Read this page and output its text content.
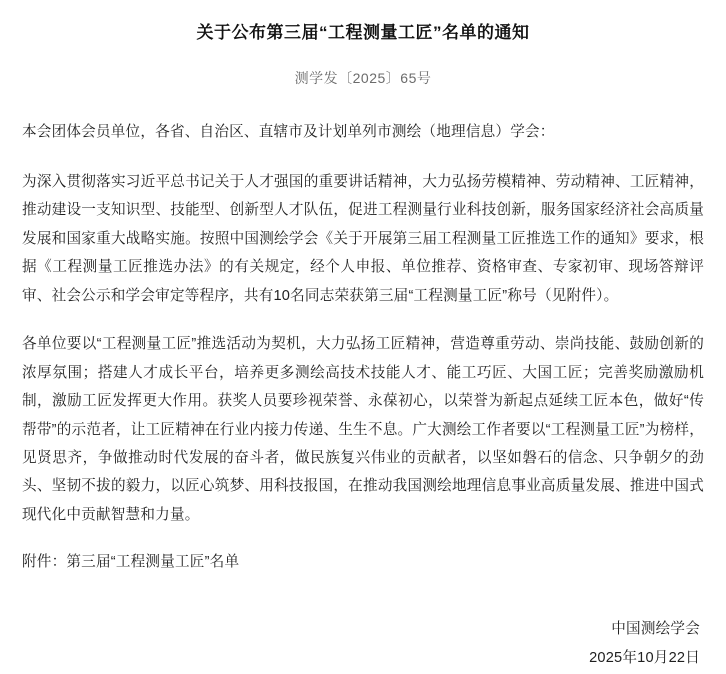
关于公布第三届“工程测量工匠”名单的通知
测学发〔2025〕65号

本会团体会员单位，各省、自治区、直辖市及计划单列市测绘（地理信息）学会：

为深入贯彻落实习近平总书记关于人才强国的重要讲话精神，大力弘扬劳模精神、劳动精神、工匠精神，推动建设一支知识型、技能型、创新型人才队伍，促进工程测量行业科技创新，服务国家经济社会高质量发展和国家重大战略实施。按照中国测绘学会《关于开展第三届工程测量工匠推选工作的通知》要求，根据《工程测量工匠推选办法》的有关规定，经个人申报、单位推荐、资格审查、专家初审、现场答辩评审、社会公示和学会审定等程序，共有10名同志荣获第三届“工程测量工匠”称号（见附件）。

各单位要以“工程测量工匠”推选活动为契机，大力弘扬工匠精神，营造尊重劳动、崇尚技能、鼓励创新的浓厚氛围；搭建人才成长平台，培养更多测绘高技术技能人才、能工巧匠、大国工匠；完善奖励激励机制，激励工匠发挥更大作用。获奖人员要珍视荣誉、永葆初心，以荣誉为新起点延续工匠本色，做好“传帮带”的示范者，让工匠精神在行业内接力传递、生生不息。广大测绘工作者要以“工程测量工匠”为榜样，见贤思齐，争做推动时代发展的奋斗者，做民族复兴伟业的贡献者，以坚如磐石的信念、只争朝夕的劲头、坚韧不拔的毅力，以匠心筑梦、用科技报国，在推动我国测绘地理信息事业高质量发展、推进中国式现代化中贡献智慧和力量。

附件：第三届“工程测量工匠”名单
中国测绘学会
2025年10月22日
